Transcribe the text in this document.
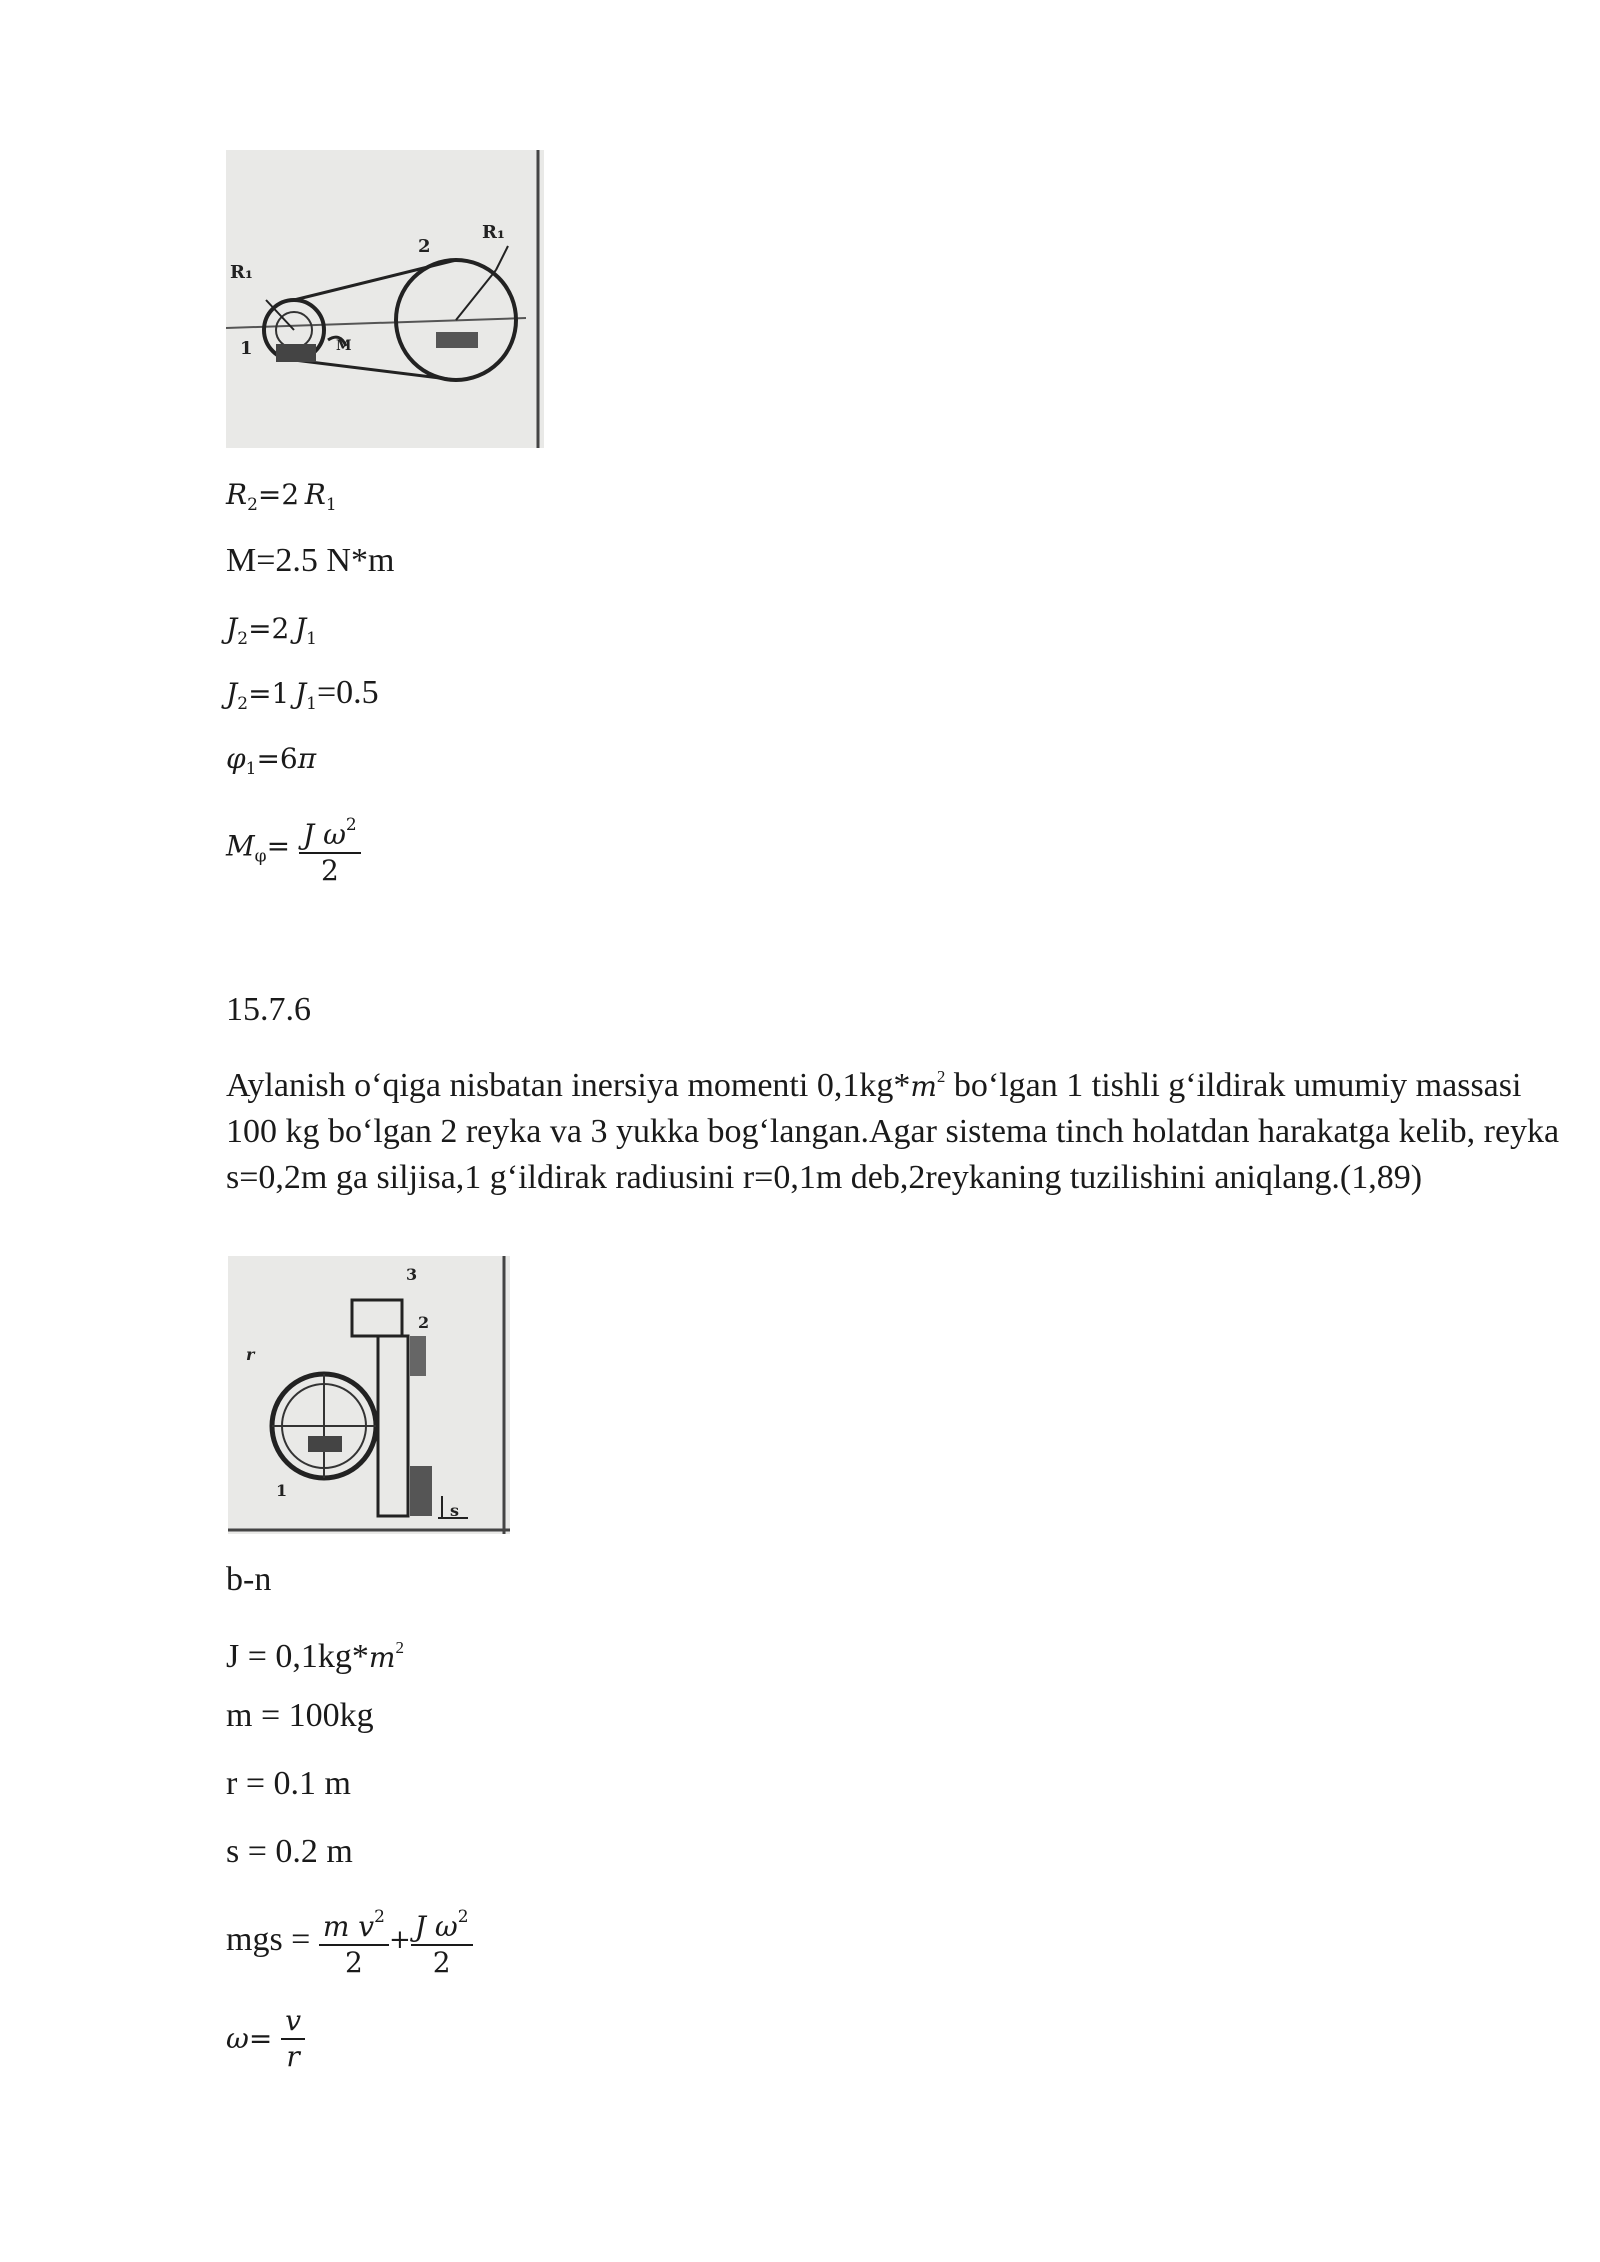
R₁
2
R₁
1	M
$R_2=2$  $R_1$
M=2.5 N*m
$J_2=2$  $J_1$
$J_2=1$  $J_1=0.5$
$\varphi_1=6\pi$
$M_\varphi= \frac{J \omega^2}{2}$
15.7.6
Aylanish o‘qiga nisbatan inersiya momenti $0,1kg*m^2$ bo‘lgan 1 tishli g‘ildirak umumiy massasi 100 kg bo‘lgan 2 reyka va 3 yukka bog‘langan.Agar sistema tinch holatdan harakatga kelib, reyka s=0,2m ga siljisa,1 g‘ildirak radiusini r=0,1m deb,2reykaning tuzilishini aniqlang.(1,89)
3
2
r
1
s
b-n
$J = 0,1kg*m^2$
m = 100kg
r = 0.1 m
s = 0.2 m
mgs = $\frac{m v^2}{2} + \frac{J \omega^2}{2}$
$\omega= \frac{v}{r}$
